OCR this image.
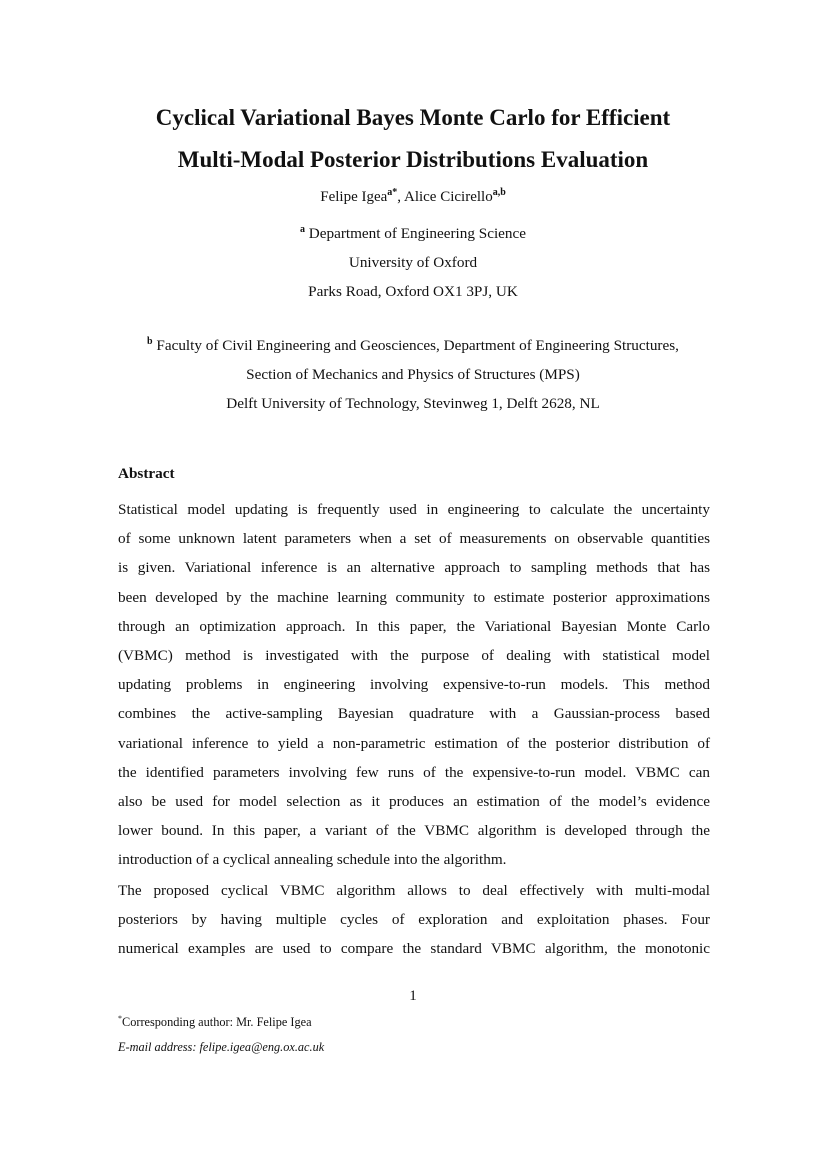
Cyclical Variational Bayes Monte Carlo for Efficient
Multi-Modal Posterior Distributions Evaluation
Felipe Igea$^{a*}$, Alice Cicirello$^{a,b}$
$^a$ Department of Engineering Science
University of Oxford
Parks Road, Oxford OX1 3PJ, UK
$^b$ Faculty of Civil Engineering and Geosciences, Department of Engineering Structures,
Section of Mechanics and Physics of Structures (MPS)
Delft University of Technology, Stevinweg 1, Delft 2628, NL
Abstract
Statistical model updating is frequently used in engineering to calculate the uncertainty
of some unknown latent parameters when a set of measurements on observable quantities
is given. Variational inference is an alternative approach to sampling methods that has
been developed by the machine learning community to estimate posterior approximations
through an optimization approach. In this paper, the Variational Bayesian Monte Carlo
(VBMC) method is investigated with the purpose of dealing with statistical model
updating problems in engineering involving expensive-to-run models. This method
combines the active-sampling Bayesian quadrature with a Gaussian-process based
variational inference to yield a non-parametric estimation of the posterior distribution of
the identified parameters involving few runs of the expensive-to-run model. VBMC can
also be used for model selection as it produces an estimation of the model’s evidence
lower bound. In this paper, a variant of the VBMC algorithm is developed through the
introduction of a cyclical annealing schedule into the algorithm.
The proposed cyclical VBMC algorithm allows to deal effectively with multi-modal
posteriors by having multiple cycles of exploration and exploitation phases. Four
numerical examples are used to compare the standard VBMC algorithm, the monotonic
1
*Corresponding author: Mr. Felipe Igea
E-mail address: felipe.igea@eng.ox.ac.uk
